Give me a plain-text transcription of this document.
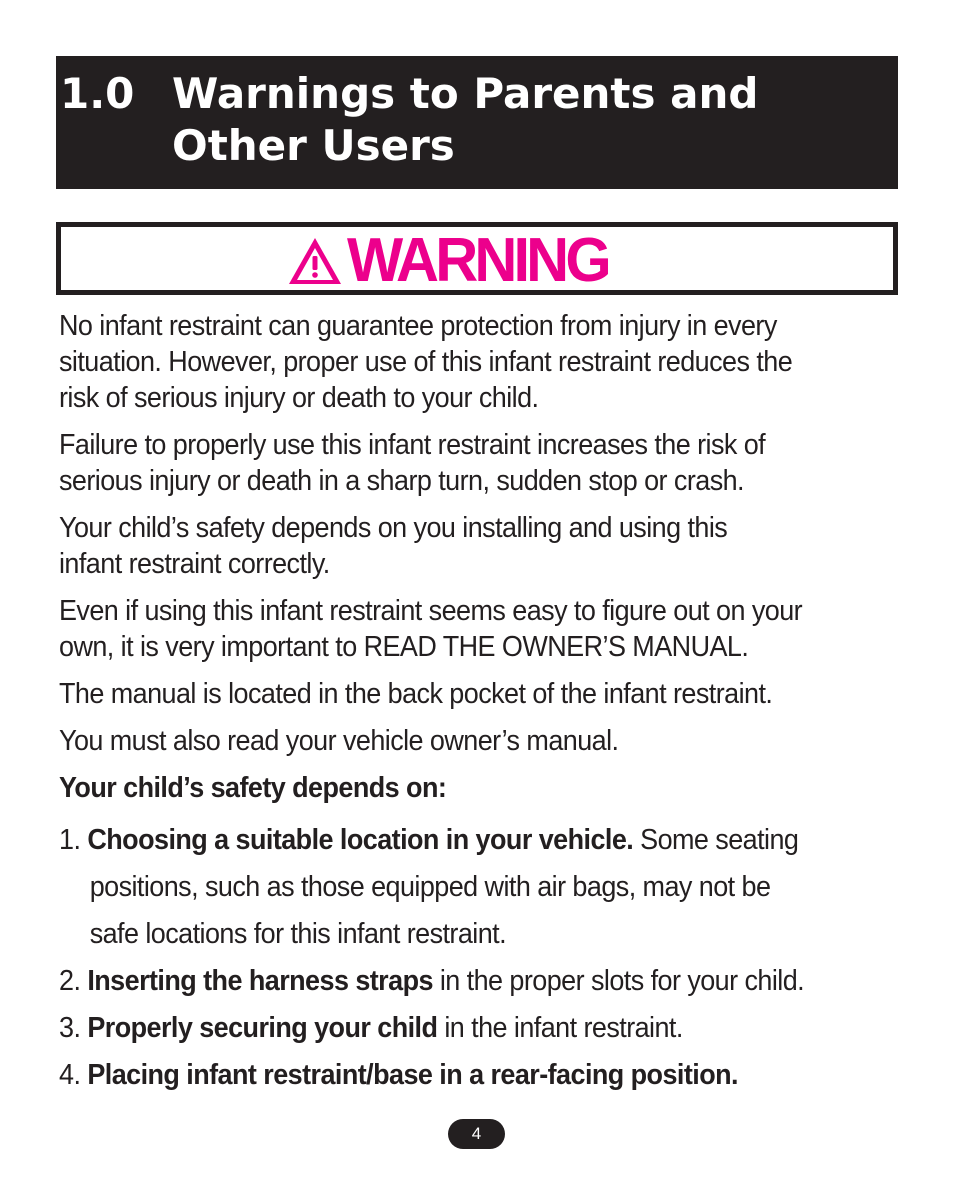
1.0 Warnings to Parents and
Other Users
WARNING
No infant restraint can guarantee protection from injury in every
situation. However, proper use of this infant restraint reduces the
risk of serious injury or death to your child.
Failure to properly use this infant restraint increases the risk of
serious injury or death in a sharp turn, sudden stop or crash.
Your child’s safety depends on you installing and using this
infant restraint correctly.
Even if using this infant restraint seems easy to figure out on your
own, it is very important to READ THE OWNER’S MANUAL.
The manual is located in the back pocket of the infant restraint.
You must also read your vehicle owner’s manual.
Your child’s safety depends on:
1. Choosing a suitable location in your vehicle. Some seating
positions, such as those equipped with air bags, may not be
safe locations for this infant restraint.
2. Inserting the harness straps in the proper slots for your child.
3. Properly securing your child in the infant restraint.
4. Placing infant restraint/base in a rear-facing position.
4
